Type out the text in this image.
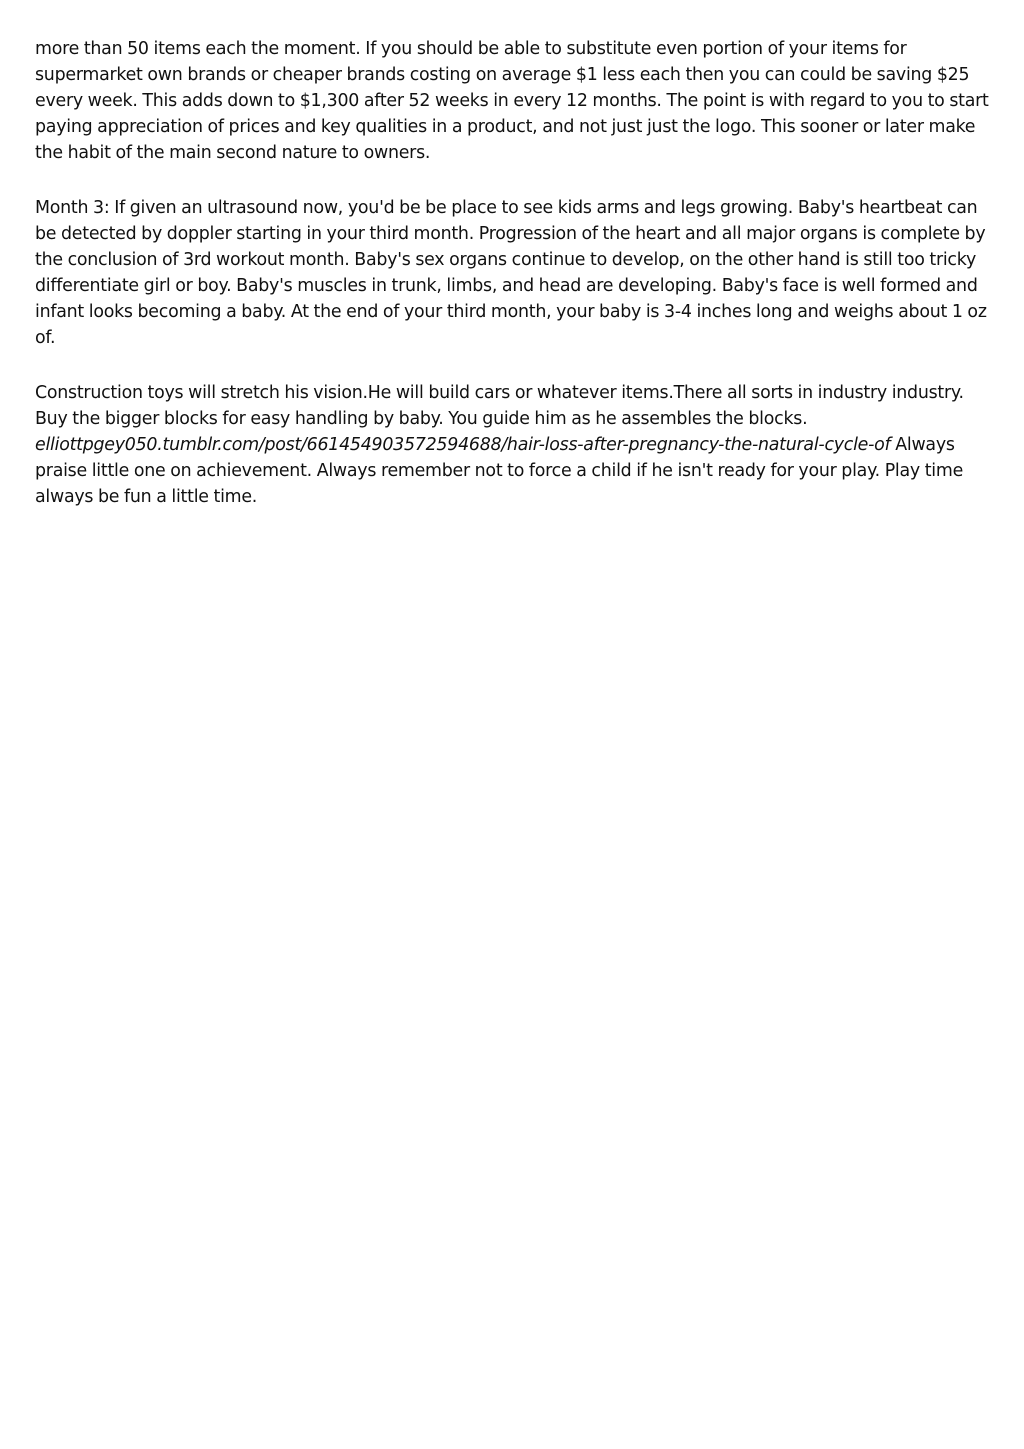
more than 50 items each the moment. If you should be able to substitute even portion of your items for supermarket own brands or cheaper brands costing on average $1 less each then you can could be saving $25 every week. This adds down to $1,300 after 52 weeks in every 12 months. The point is with regard to you to start paying appreciation of prices and key qualities in a product, and not just just the logo. This sooner or later make the habit of the main second nature to owners.

Month 3: If given an ultrasound now, you'd be be place to see kids arms and legs growing. Baby's heartbeat can be detected by doppler starting in your third month. Progression of the heart and all major organs is complete by the conclusion of 3rd workout month. Baby's sex organs continue to develop, on the other hand is still too tricky differentiate girl or boy. Baby's muscles in trunk, limbs, and head are developing. Baby's face is well formed and infant looks becoming a baby. At the end of your third month, your baby is 3-4 inches long and weighs about 1 oz of.

Construction toys will stretch his vision.He will build cars or whatever items.There all sorts in industry industry. Buy the bigger blocks for easy handling by baby. You guide him as he assembles the blocks. elliottpgey050.tumblr.com/post/661454903572594688/hair-loss-after-pregnancy-the-natural-cycle-of Always praise little one on achievement. Always remember not to force a child if he isn't ready for your play. Play time always be fun a little time.
